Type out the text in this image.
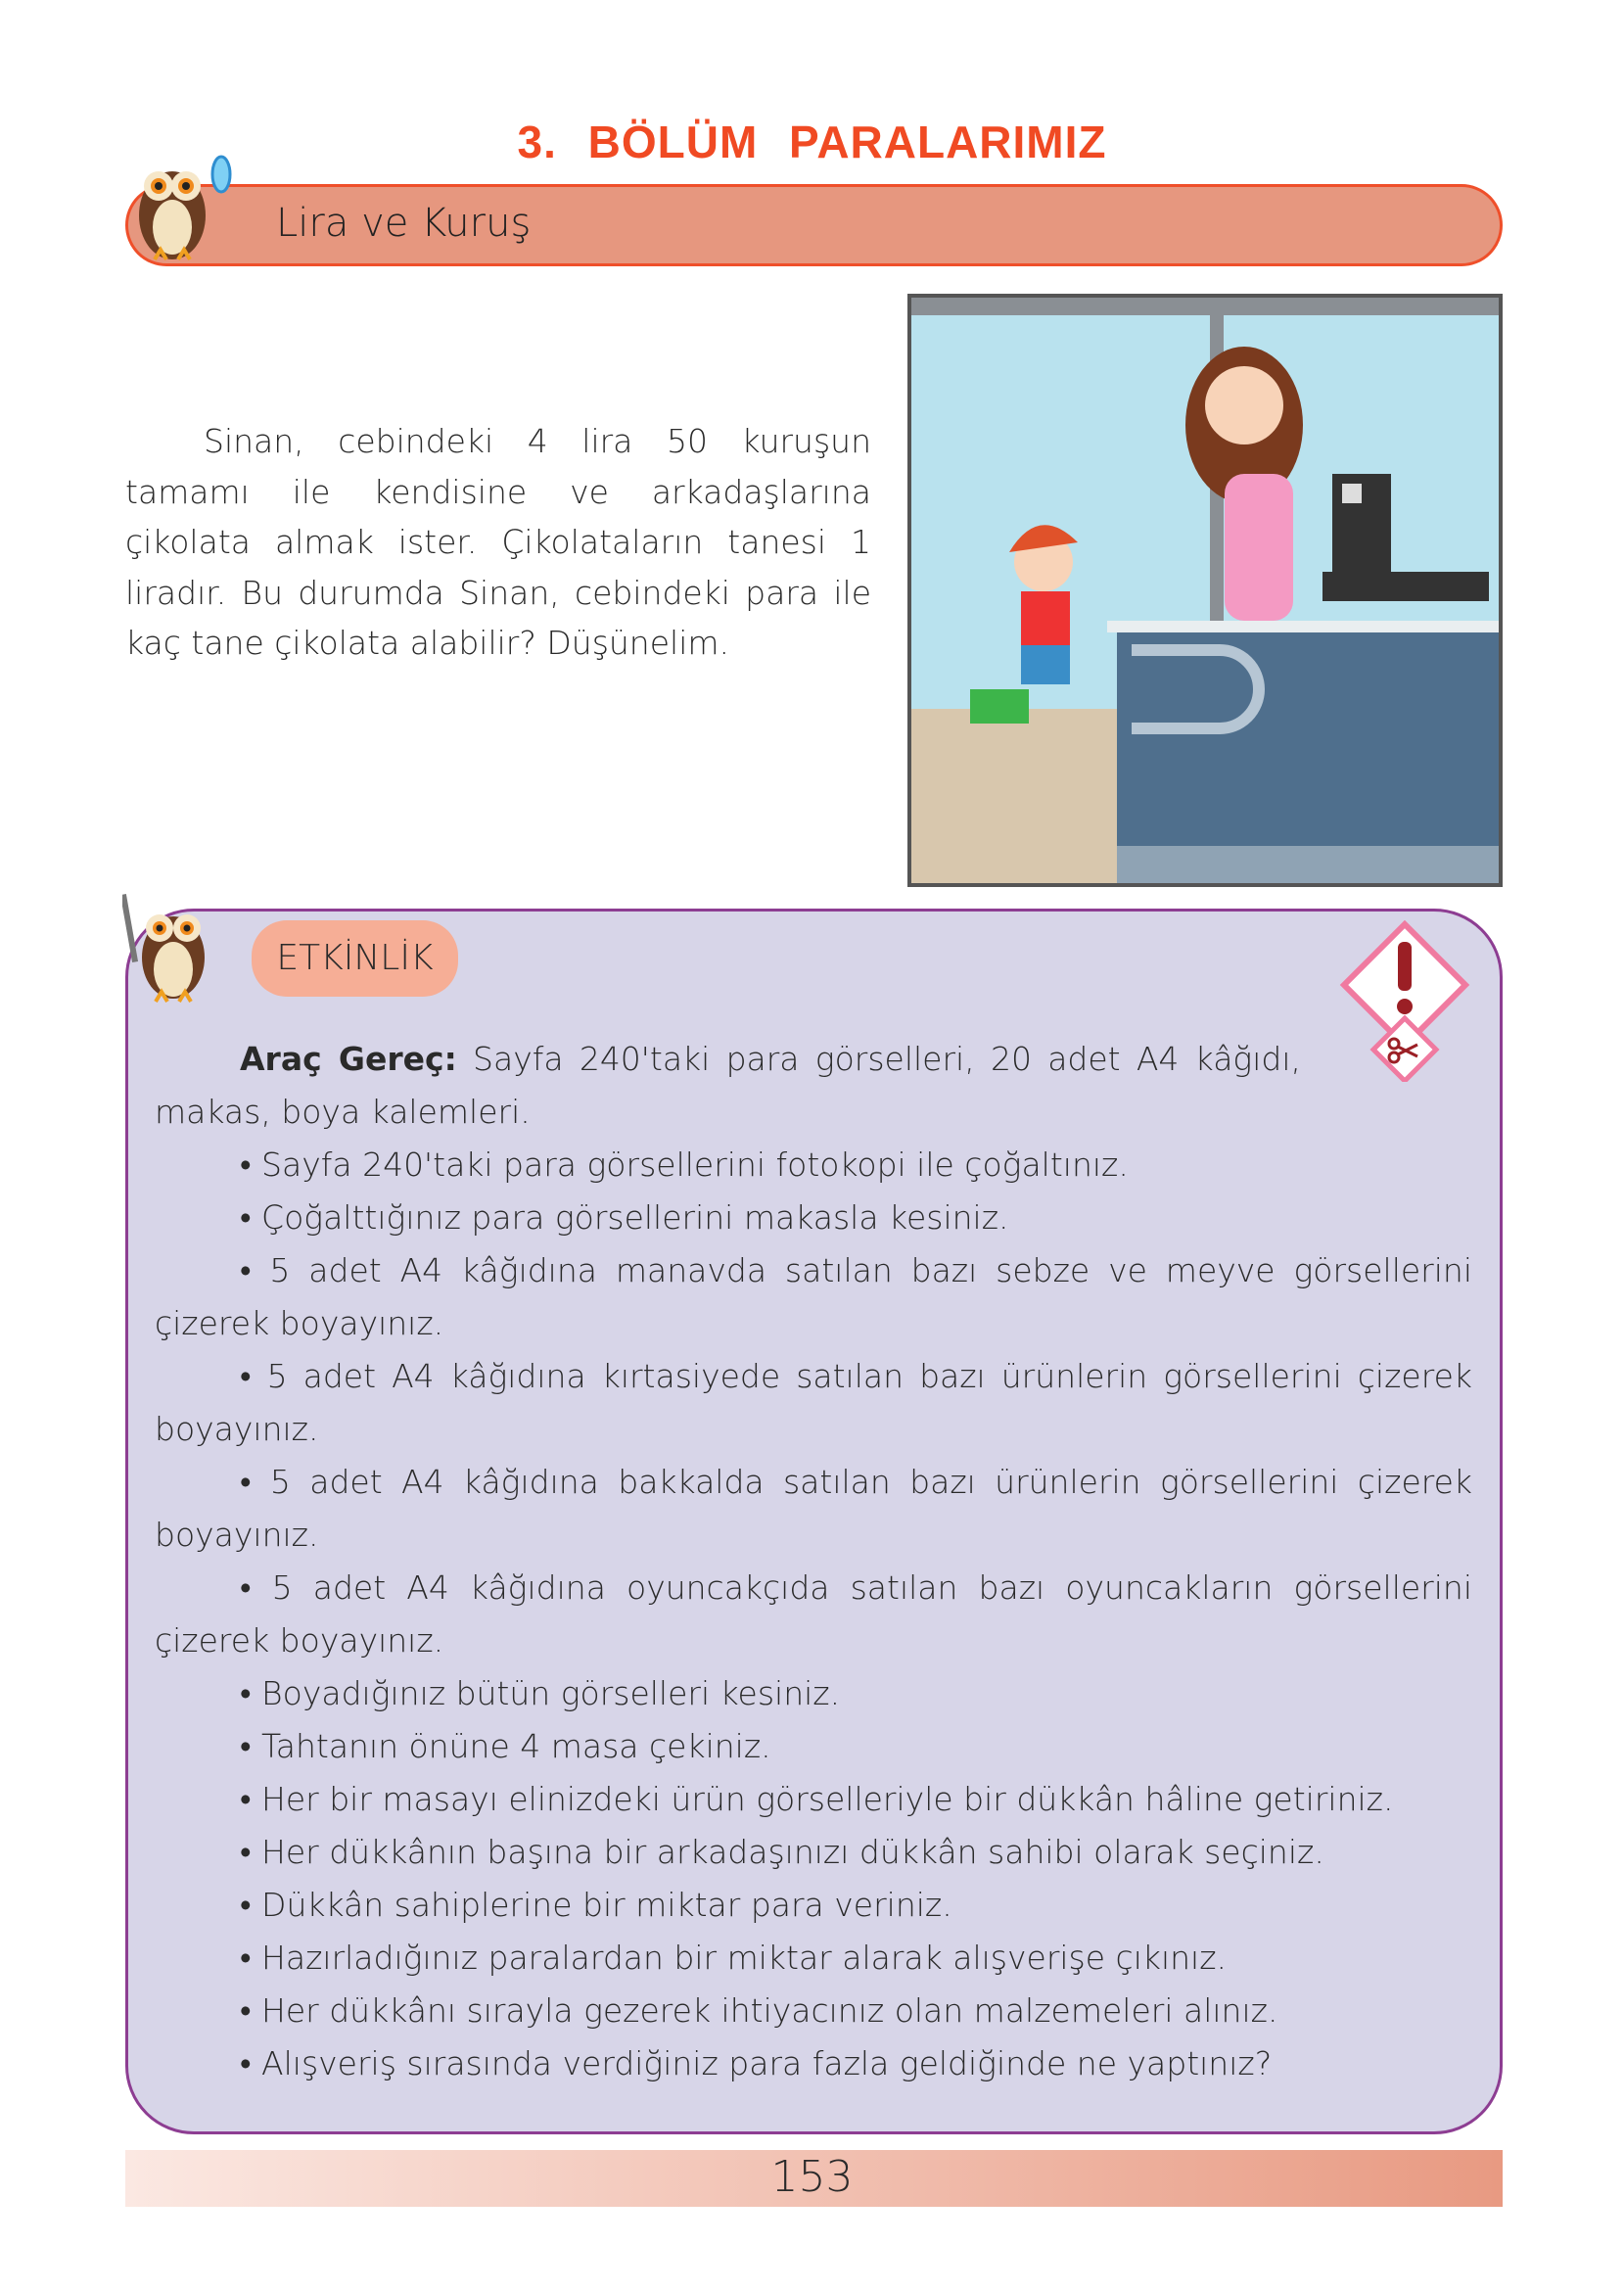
3. BÖLÜM PARALARIMIZ
Lira ve Kuruş

Sinan, cebindeki 4 lira 50 kuruşun tamamı ile kendisine ve arkadaşlarına çikolata almak ister. Çikolataların tanesi 1 liradır. Bu durumda Sinan, cebindeki para ile kaç tane çikolata alabilir? Düşünelim.

ETKİNLİK

Araç Gereç: Sayfa 240'taki para görselleri, 20 adet A4 kâğıdı, makas, boya kalemleri.

• Sayfa 240'taki para görsellerini fotokopi ile çoğaltınız.

• Çoğalttığınız para görsellerini makasla kesiniz.

• 5 adet A4 kâğıdına manavda satılan bazı sebze ve meyve görsellerini çizerek boyayınız.

• 5 adet A4 kâğıdına kırtasiyede satılan bazı ürünlerin görsellerini çizerek boyayınız.

• 5 adet A4 kâğıdına bakkalda satılan bazı ürünlerin görsellerini çizerek boyayınız.

• 5 adet A4 kâğıdına oyuncakçıda satılan bazı oyuncakların görsellerini çizerek boyayınız.

• Boyadığınız bütün görselleri kesiniz.

• Tahtanın önüne 4 masa çekiniz.

• Her bir masayı elinizdeki ürün görselleriyle bir dükkân hâline getiriniz.

• Her dükkânın başına bir arkadaşınızı dükkân sahibi olarak seçiniz.

• Dükkân sahiplerine bir miktar para veriniz.

• Hazırladığınız paralardan bir miktar alarak alışverişe çıkınız.

• Her dükkânı sırayla gezerek ihtiyacınız olan malzemeleri alınız.

• Alışveriş sırasında verdiğiniz para fazla geldiğinde ne yaptınız?

153
